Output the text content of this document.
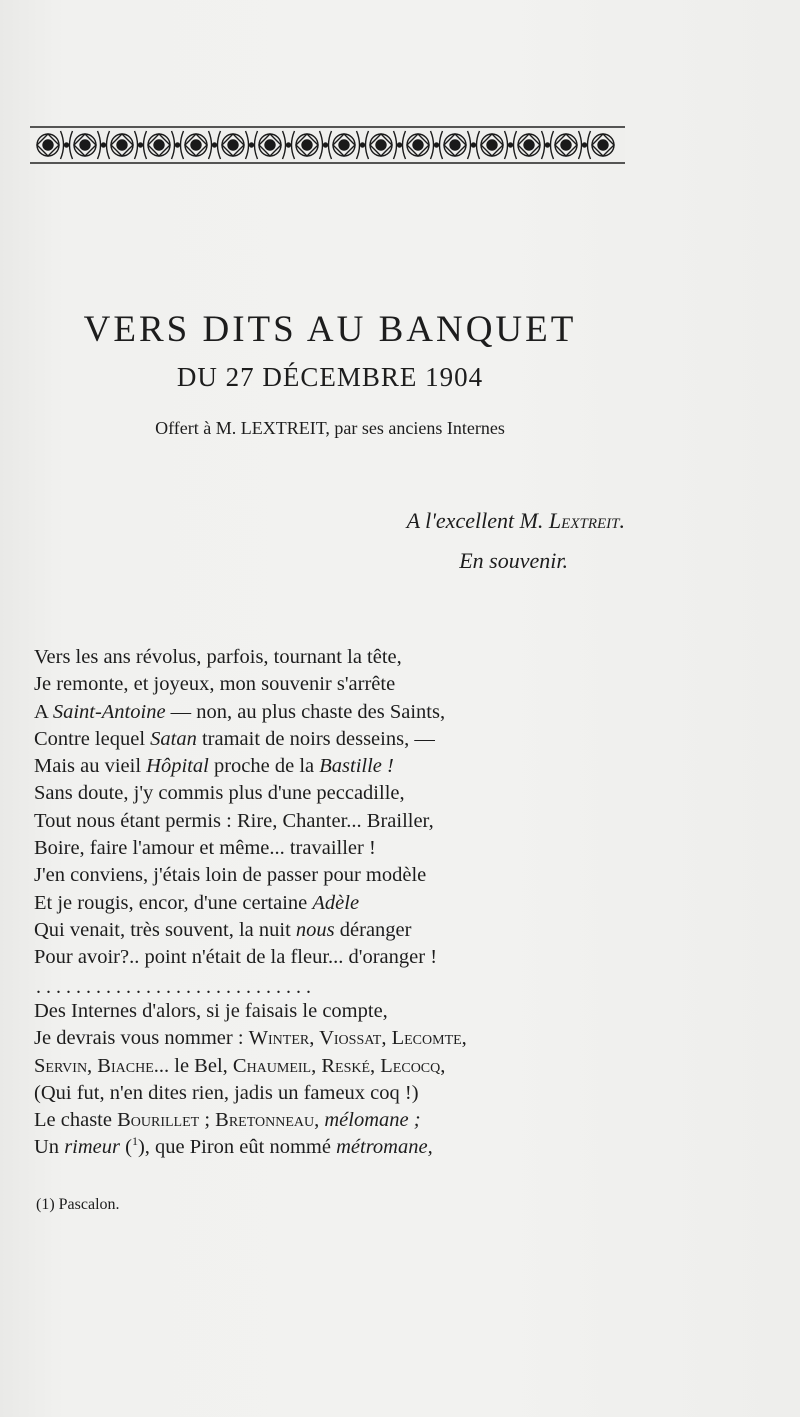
VERS DITS AU BANQUET
DU 27 DÉCEMBRE 1904
Offert à M. LEXTREIT, par ses anciens Internes
A l'excellent M. Lextreit.
En souvenir.
Vers les ans révolus, parfois, tournant la tête,
Je remonte, et joyeux, mon souvenir s'arrête
A Saint-Antoine — non, au plus chaste des Saints,
Contre lequel Satan tramait de noirs desseins, —
Mais au vieil Hôpital proche de la Bastille !
Sans doute, j'y commis plus d'une peccadille,
Tout nous étant permis : Rire, Chanter... Brailler,
Boire, faire l'amour et même... travailler !
J'en conviens, j'étais loin de passer pour modèle
Et je rougis, encor, d'une certaine Adèle
Qui venait, très souvent, la nuit nous déranger
Pour avoir?.. point n'était de la fleur... d'oranger !
. . . . . . . . . . . . . . . . . . . . . . . . . . . .
Des Internes d'alors, si je faisais le compte,
Je devrais vous nommer : Winter, Viossat, Lecomte,
Servin, Biache... le Bel, Chaumeil, Reské, Lecocq,
(Qui fut, n'en dites rien, jadis un fameux coq !)
Le chaste Bourillet ; Bretonneau, mélomane ;
Un rimeur ($^1$), que Piron eût nommé métromane,
(1) Pascalon.
